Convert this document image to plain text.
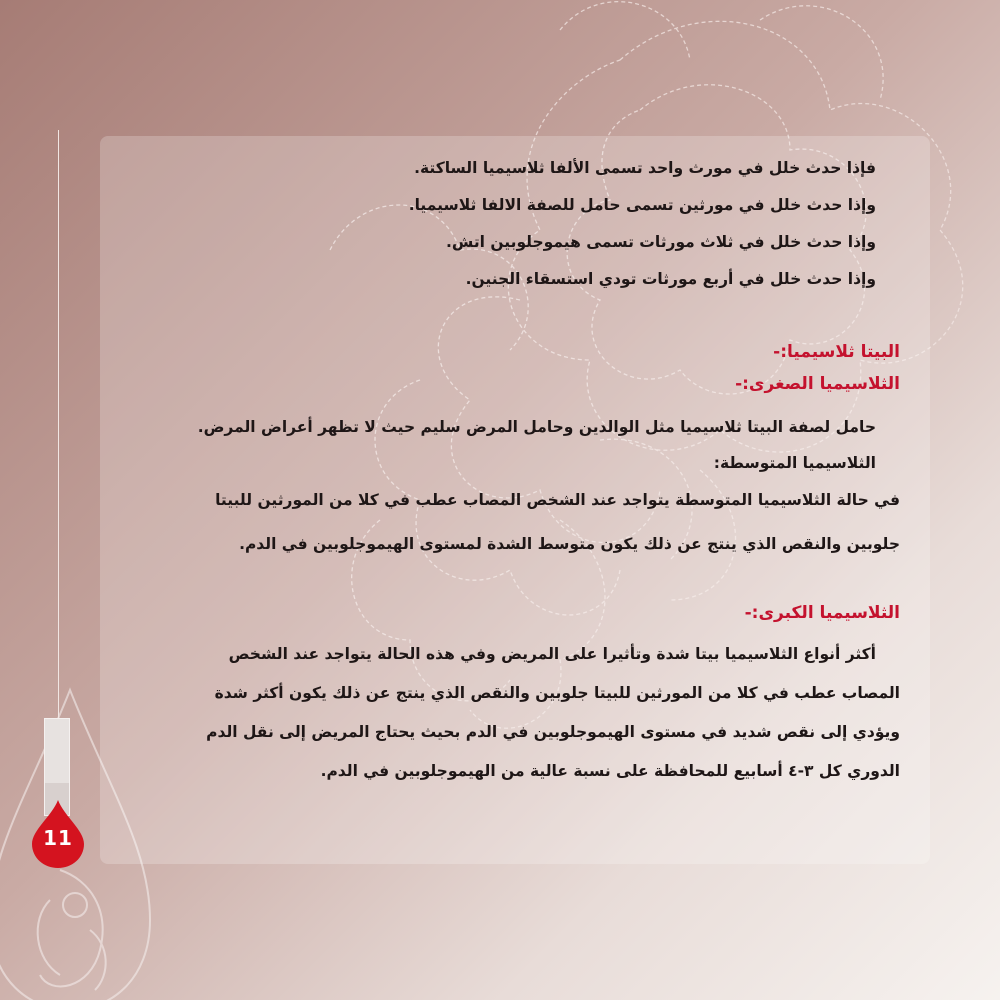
11

فإذا حدث خلل في مورث واحد تسمى الألفا ثلاسيميا الساكتة.

وإذا حدث خلل في مورثين تسمى حامل للصفة الالفا ثلاسيميا.

وإذا حدث خلل في ثلاث مورثات تسمى هيموجلوبين اتش.

وإذا حدث خلل في أربع مورثات تودي استسقاء الجنين.

البيتا ثلاسيميا:-

الثلاسيميا الصغرى:-

حامل لصفة البيتا ثلاسيميا مثل الوالدين وحامل المرض سليم حيث لا تظهر أعراض المرض.

الثلاسيميا المتوسطة:

في حالة الثلاسيميا المتوسطة يتواجد عند الشخص المصاب عطب في كلا من المورثين للبيتا

جلوبين والنقص الذي ينتج عن ذلك يكون متوسط الشدة لمستوى الهيموجلوبين في الدم.

الثلاسيميا الكبرى:-

أكثر أنواع الثلاسيميا بيتا شدة وتأثيرا على المريض وفي هذه الحالة يتواجد عند الشخص

المصاب عطب في كلا من المورثين للبيتا جلوبين والنقص الذي ينتج عن ذلك يكون أكثر شدة

ويؤدي إلى نقص شديد في مستوى الهيموجلوبين في الدم بحيث يحتاج المريض إلى نقل الدم

الدوري كل ٣-٤ أسابيع للمحافظة على نسبة عالية من الهيموجلوبين في الدم.
